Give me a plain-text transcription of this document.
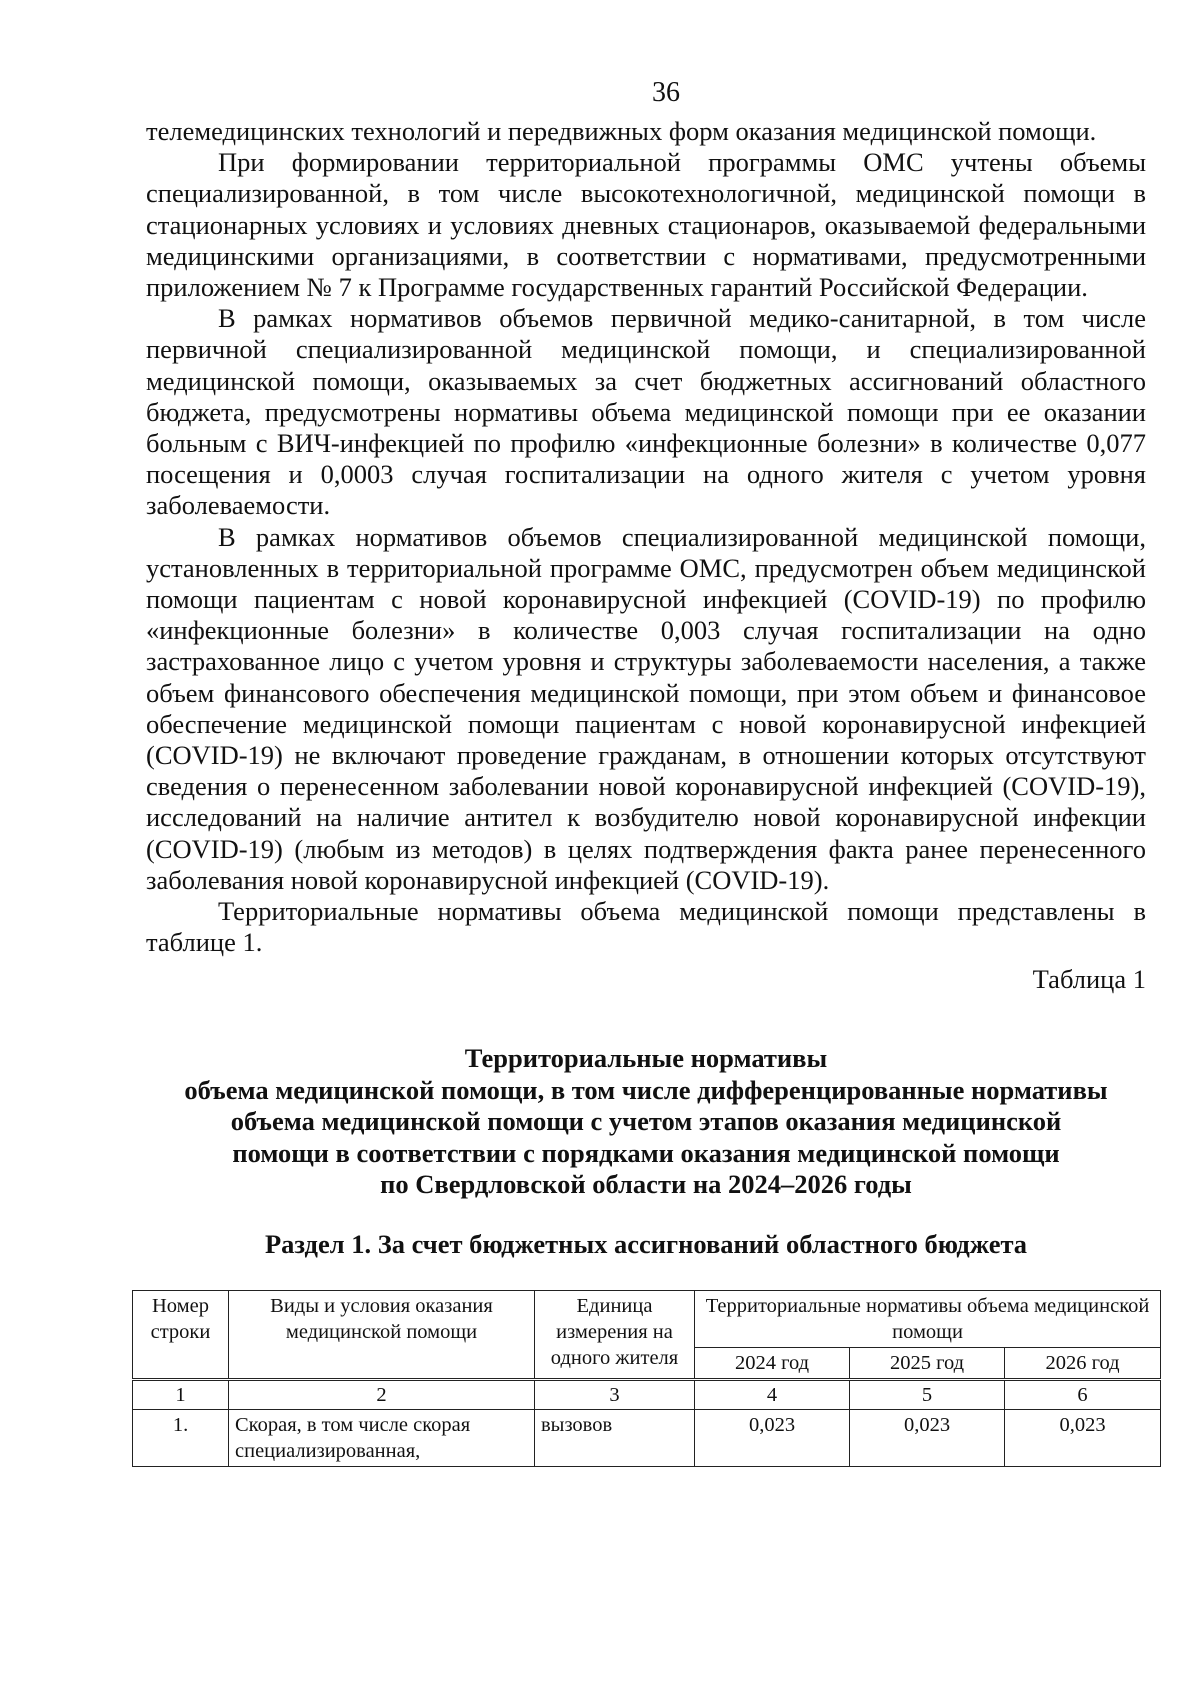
36

телемедицинских технологий и передвижных форм оказания медицинской помощи.

При формировании территориальной программы ОМС учтены объемы специализированной, в том числе высокотехнологичной, медицинской помощи в стационарных условиях и условиях дневных стационаров, оказываемой федеральными медицинскими организациями, в соответствии с нормативами, предусмотренными приложением № 7 к Программе государственных гарантий Российской Федерации.

В рамках нормативов объемов первичной медико-санитарной, в том числе первичной специализированной медицинской помощи, и специализированной медицинской помощи, оказываемых за счет бюджетных ассигнований областного бюджета, предусмотрены нормативы объема медицинской помощи при ее оказании больным с ВИЧ-инфекцией по профилю «инфекционные болезни» в количестве 0,077 посещения и 0,0003 случая госпитализации на одного жителя с учетом уровня заболеваемости.

В рамках нормативов объемов специализированной медицинской помощи, установленных в территориальной программе ОМС, предусмотрен объем медицинской помощи пациентам с новой коронавирусной инфекцией (COVID-19) по профилю «инфекционные болезни» в количестве 0,003 случая госпитализации на одно застрахованное лицо с учетом уровня и структуры заболеваемости населения, а также объем финансового обеспечения медицинской помощи, при этом объем и финансовое обеспечение медицинской помощи пациентам с новой коронавирусной инфекцией (COVID-19) не включают проведение гражданам, в отношении которых отсутствуют сведения о перенесенном заболевании новой коронавирусной инфекцией (COVID-19), исследований на наличие антител к возбудителю новой коронавирусной инфекции (COVID-19) (любым из методов) в целях подтверждения факта ранее перенесенного заболевания новой коронавирусной инфекцией (COVID-19).

Территориальные нормативы объема медицинской помощи представлены в таблице 1.

Таблица 1
Территориальные нормативы
объема медицинской помощи, в том числе дифференцированные нормативы
объема медицинской помощи с учетом этапов оказания медицинской
помощи в соответствии с порядками оказания медицинской помощи
по Свердловской области на 2024–2026 годы
Раздел 1. За счет бюджетных ассигнований областного бюджета
Номер строки	Виды и условия оказания медицинской помощи	Единица измерения на одного жителя	Территориальные нормативы объема медицинской помощи		
			2024 год	2025 год	2026 год
1	2	3	4	5	6
1.	Скорая, в том числе скорая специализированная,	вызовов	0,023	0,023	0,023
